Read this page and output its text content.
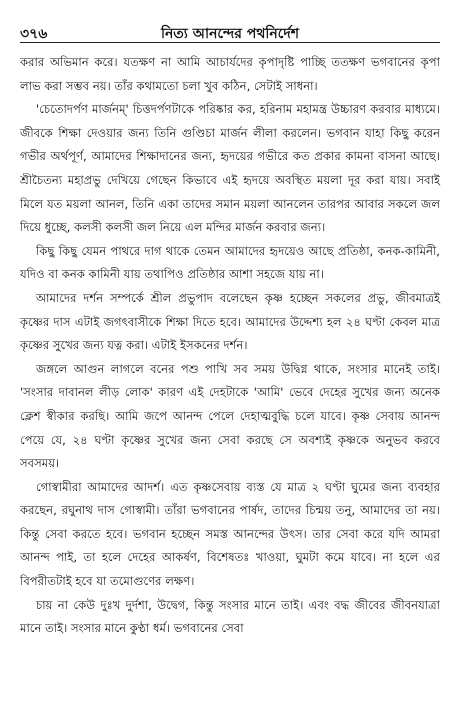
৩৭৬	নিত্য আনন্দের পথনির্দেশ

করার অভিমান করে। যতক্ষণ না আমি আচার্যদের কৃপাদৃষ্টি পাচ্ছি ততক্ষণ ভগবানের কৃপা লাভ করা সম্ভব নয়। তাঁর কথামতো চলা খুব কঠিন, সেটাই সাধনা।

'চেতোদর্পণ মার্জনম্' চিত্তদর্পণটাকে পরিষ্কার কর, হরিনাম মহামন্ত্র উচ্চারণ করবার মাধ্যমে। জীবকে শিক্ষা দেওয়ার জন্য তিনি গুণ্ডিচা মার্জন লীলা করলেন। ভগবান যাহা কিছু করেন গভীর অর্থপূর্ণ, আমাদের শিক্ষাদানের জন্য, হৃদয়ের গভীরে কত প্রকার কামনা বাসনা আছে। শ্রীচৈতন্য মহাপ্রভু দেখিয়ে গেছেন কিভাবে এই হৃদয়ে অবস্থিত ময়লা দূর করা যায়। সবাই মিলে যত ময়লা আনল, তিনি একা তাদের সমান ময়লা আনলেন তারপর আবার সকলে জল দিয়ে ধুচ্ছে, কলসী কলসী জল নিয়ে এল মন্দির মার্জন করবার জন্য।

কিছু কিছু যেমন পাথরে দাগ থাকে তেমন আমাদের হৃদয়েও আছে প্রতিষ্ঠা, কনক-কামিনী, যদিও বা কনক কামিনী যায় তথাপিও প্রতিষ্ঠার আশা সহজে যায় না।

আমাদের দর্শন সম্পর্কে শ্রীল প্রভুপাদ বলেছেন কৃষ্ণ হচ্ছেন সকলের প্রভু, জীবমাত্রই কৃষ্ণের দাস এটাই জগৎবাসীকে শিক্ষা দিতে হবে। আমাদের উদ্দেশ্য হল ২৪ ঘণ্টা কেবল মাত্র কৃষ্ণের সুখের জন্য যত্ন করা। এটাই ইসকনের দর্শন।

জঙ্গলে আগুন লাগলে বনের পশু পাখি সব সময় উদ্বিগ্ন থাকে, সংসার মানেই তাই। 'সংসার দাবানল লীড় লোক' কারণ এই দেহটাকে 'আমি' ভেবে দেহের সুখের জন্য অনেক ক্লেশ স্বীকার করছি। আমি জপে আনন্দ পেলে দেহাত্মবুদ্ধি চলে যাবে। কৃষ্ণ সেবায় আনন্দ পেয়ে যে, ২৪ ঘণ্টা কৃষ্ণের সুখের জন্য সেবা করছে সে অবশ্যই কৃষ্ণকে অনুভব করবে সবসময়।

গোস্বামীরা আমাদের আদর্শ। এত কৃষ্ণসেবায় ব্যস্ত যে মাত্র ২ ঘণ্টা ঘুমের জন্য ব্যবহার করছেন, রঘুনাথ দাস গোস্বামী। তাঁরা ভগবানের পার্ষদ, তাদের চিন্ময় তনু, আমাদের তা নয়। কিন্তু সেবা করতে হবে। ভগবান হচ্ছেন সমস্ত আনন্দের উৎস। তার সেবা করে যদি আমরা আনন্দ পাই, তা হলে দেহের আকর্ষণ, বিশেষতঃ খাওয়া, ঘুমটা কমে যাবে। না হলে এর বিপরীতটাই হবে যা তমোগুণের লক্ষণ।

চায় না কেউ দুঃখ দুর্দশা, উদ্বেগ, কিন্তু সংসার মানে তাই। এবং বদ্ধ জীবের জীবনযাত্রা মানে তাই। সংসার মানে কুণ্ঠা ধর্ম। ভগবানের সেবা
